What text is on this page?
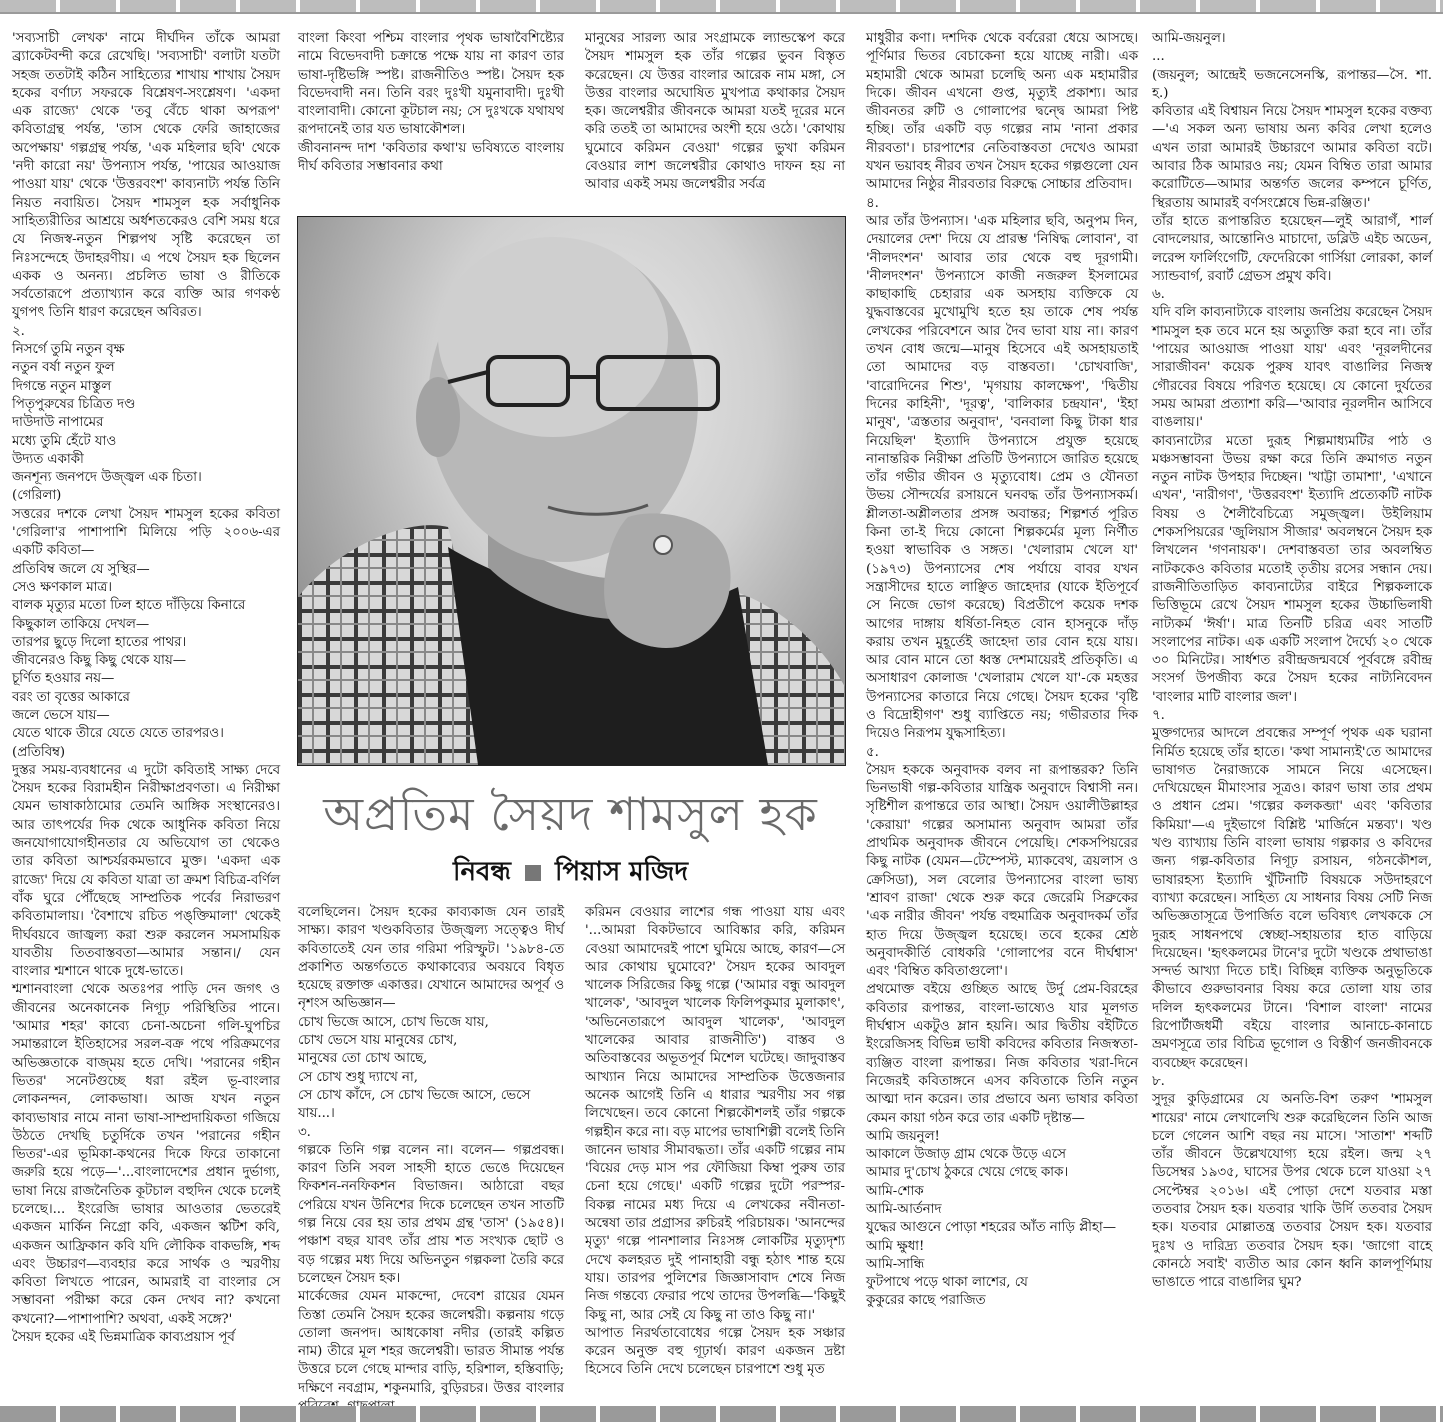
'সব্যসাচী লেখক' নামে দীর্ঘদিন তাঁকে আমরা ব্র্যাকেটবন্দী করে রেখেছি। 'সব্যসাচী' বলাটা যতটা সহজ ততটাই কঠিন সাহিত্যের শাখায় শাখায় সৈয়দ হকের বর্ণাঢ্য সফরকে বিশ্লেষণ-সংশ্লেষণ। 'একদা এক রাজ্যে' থেকে 'তবু বেঁচে থাকা অপরূপ' কবিতাগ্রন্থ পর্যন্ত, 'তাস থেকে ফেরি জাহাজের অপেক্ষায়' গল্পগ্রন্থ পর্যন্ত, 'এক মহিলার ছবি' থেকে 'নদী কারো নয়' উপন্যাস পর্যন্ত, 'পায়ের আওয়াজ পাওয়া যায়' থেকে 'উত্তরবংশ' কাব্যনাট্য পর্যন্ত তিনি নিয়ত নবায়িত। সৈয়দ শামসুল হক সর্বাধুনিক সাহিত্যরীতির আশ্রয়ে অর্ধশতকেরও বেশি সময় ধরে যে নিজস্ব-নতুন শিল্পপথ সৃষ্টি করেছেন তা নিঃসন্দেহে উদাহরণীয়। এ পথে সৈয়দ হক ছিলেন একক ও অনন্য। প্রচলিত ভাষা ও রীতিকে সর্বতোরূপে প্রত্যাখ্যান করে ব্যক্তি আর গণকণ্ঠ যুগপৎ তিনি ধারণ করেছেন অবিরত।

২.

নিসর্গে তুমি নতুন বৃক্ষ

নতুন বর্ষা নতুন ফুল

দিগন্তে নতুন মাস্তুল

পিতৃপুরুষের চিত্রিত দণ্ড

দাউদাউ নাপামের

মধ্যে তুমি হেঁটে যাও

উদ্যত একাকী

জনশূন্য জনপদে উজ্জ্বল এক চিতা।

(গেরিলা)

সত্তরের দশকে লেখা সৈয়দ শামসুল হকের কবিতা 'গেরিলা'র পাশাপাশি মিলিয়ে পড়ি ২০০৬-এর একটি কবিতা—

প্রতিবিম্ব জলে যে সুস্থির—

সেও ক্ষণকাল মাত্র।

বালক মৃত্যুর মতো ঢিল হাতে দাঁড়িয়ে কিনারে

কিছুকাল তাকিয়ে দেখল—

তারপর ছুড়ে দিলো হাতের পাথর।

জীবনেরও কিছু কিছু থেকে যায়—

চূর্ণিত হওয়ার নয়—

বরং তা বৃত্তের আকারে

জলে ভেসে যায়—

যেতে থাকে তীরে যেতে যেতে তারপরও।

(প্রতিবিম্ব)

দুস্তর সময়-ব্যবধানের এ দুটো কবিতাই সাক্ষ্য দেবে সৈয়দ হকের বিরামহীন নিরীক্ষাপ্রবণতা। এ নিরীক্ষা যেমন ভাষাকাঠামোর তেমনি আঙ্গিক সংস্থানেরও। আর তাৎপর্যের দিক থেকে আধুনিক কবিতা নিয়ে জনযোগাযোগহীনতার যে অভিযোগ তা থেকেও তার কবিতা আশ্চর্যরকমভাবে মুক্ত। 'একদা এক রাজ্যে' দিয়ে যে কবিতা যাত্রা তা ক্রমশ বিচিত্র-বর্ণিল বাঁক ঘুরে পৌঁছেছে সাম্প্রতিক পর্বের নিরাভরণ কবিতামালায়। 'বৈশাখে রচিত পঙ্‌ক্তিমালা' থেকেই দীর্ঘবয়বে জাজ্বল্য করা শুরু করলেন সমসাময়িক যাবতীয় তিতবাস্তবতা—আমার সন্তান।/ যেন বাংলার শ্মশানে থাকে দুধে-ভাতে।

শ্মশানবাংলা থেকে অতঃপর পাড়ি দেন জগৎ ও জীবনের অনেকানেক নিগূঢ় পরিস্থিতির পানে। 'আমার শহর' কাব্যে চেনা-অচেনা গলি-ঘুপচির সমান্তরালে ইতিহাসের সরল-বক্র পথে পরিক্রমণের অভিজ্ঞতাকে বাজ্ময় হতে দেখি। 'পরানের গহীন ভিতর' সনেটগুচ্ছে ধরা রইল ভূ-বাংলার লোকনন্দন, লোকভাষা। আজ যখন নতুন কাব্যভাষার নামে নানা ভাষা-সাম্প্রদায়িকতা গজিয়ে উঠতে দেখছি চতুর্দিকে তখন 'পরানের গহীন ভিতর'-এর ভূমিকা-কথনের দিকে ফিরে তাকানো জরুরি হয়ে পড়ে—'...বাংলাদেশের প্রধান দুর্ভাগ্য, ভাষা নিয়ে রাজনৈতিক কূটচাল বহুদিন থেকে চলেই চলেছে।... ইংরেজি ভাষার আওতার ভেতরেই একজন মার্কিন নিগ্রো কবি, একজন স্কটিশ কবি, একজন আফ্রিকান কবি যদি লৌকিক বাকভঙ্গি, শব্দ এবং উচ্চারণ—ব্যবহার করে সার্থক ও স্মরণীয় কবিতা লিখতে পারেন, আমরাই বা বাংলার সে সম্ভাবনা পরীক্ষা করে কেন দেখব না? কখনো কখনো?—পাশাপাশি? অথবা, একই সঙ্গে?'

সৈয়দ হকের এই ভিন্নমাত্রিক কাব্যপ্রয়াস পূর্ব

বাংলা কিংবা পশ্চিম বাংলার পৃথক ভাষাবৈশিষ্ট্যের নামে বিভেদবাদী চক্রান্তে পক্ষে যায় না কারণ তার ভাষা-দৃষ্টিভঙ্গি স্পষ্ট। রাজনীতিও স্পষ্ট। সৈয়দ হক বিভেদবাদী নন। তিনি বরং দুঃখী যমুনাবাদী। দুঃখী বাংলাবাদী। কোনো কূটচাল নয়; সে দুঃখকে যথাযথ রূপদানেই তার যত ভাষাকৌশল।

জীবনানন্দ দাশ 'কবিতার কথা'য় ভবিষ্যতে বাংলায় দীর্ঘ কবিতার সম্ভাবনার কথা

মানুষের সারল্য আর সংগ্রামকে ল্যান্ডস্কেপ করে সৈয়দ শামসুল হক তাঁর গল্পের ভুবন বিস্তৃত করেছেন। যে উত্তর বাংলার আরেক নাম মঙ্গা, সে উত্তর বাংলার অঘোষিত মুখপাত্র কথাকার সৈয়দ হক। জলেশ্বরীর জীবনকে আমরা যতই দূরের মনে করি ততই তা আমাদের অংশী হয়ে ওঠে। 'কোথায় ঘুমোবে করিমন বেওয়া' গল্পের ভুখা করিমন বেওয়ার লাশ জলেশ্বরীর কোথাও দাফন হয় না আবার একই সময় জলেশ্বরীর সর্বত্র

মাধুরীর কণা। দশদিক থেকে বর্বরেরা ধেয়ে আসছে। পূর্ণিমার ভিতর বেচাকেনা হয়ে যাচ্ছে নারী। এক মহামারী থেকে আমরা চলেছি অন্য এক মহামারীর দিকে। জীবন এখনো গুপ্ত, মৃত্যুই প্রকাশ্য। আর জীবনতর রুটি ও গোলাপের দ্বন্দ্বে আমরা পিষ্ট হচ্ছি। তাঁর একটি বড় গল্পের নাম 'নানা প্রকার নীরবতা'। চারপাশের নেতিবাস্তবতা দেখেও আমরা যখন ভয়াবহ নীরব তখন সৈয়দ হকের গল্পগুলো যেন আমাদের নিষ্ঠুর নীরবতার বিরুদ্ধে সোচ্চার প্রতিবাদ।

৪.

আর তাঁর উপন্যাস। 'এক মহিলার ছবি, অনুপম দিন, দেয়ালের দেশ' দিয়ে যে প্রারম্ভ 'নিষিদ্ধ লোবান', বা 'নীলদংশন' আবার তার থেকে বহু দূরগামী। 'নীলদংশন' উপন্যাসে কাজী নজরুল ইসলামের কাছাকাছি চেহারার এক অসহায় ব্যক্তিকে যে যুদ্ধবাস্তবের মুখোমুখি হতে হয় তাকে শেষ পর্যন্ত লেখকের পরিবেশনে আর দৈব ভাবা যায় না। কারণ তখন বোধ জন্মে—মানুষ হিসেবে এই অসহায়তাই তো আমাদের বড় বাস্তবতা। 'চোখবাজি', 'বারোদিনের শিশু', 'মৃগয়ায় কালক্ষেপ', 'দ্বিতীয় দিনের কাহিনী', 'দূরত্ব', 'বালিকার চন্দ্রযান', 'ইহা মানুষ', 'ত্রস্ততার অনুবাদ', 'বনবালা কিছু টাকা ধার নিয়েছিল' ইত্যাদি উপন্যাসে প্রযুক্ত হয়েছে নানান্তরিক নিরীক্ষা প্রতিটি উপন্যাসে জারিত হয়েছে তাঁর গভীর জীবন ও মৃত্যুবোধ। প্রেম ও যৌনতা উভয় সৌন্দর্যের রসায়নে ঘনবদ্ধ তাঁর উপন্যাসকর্ম। শ্লীলতা-অশ্লীলতার প্রসঙ্গ অবান্তর; শিল্পশর্ত পূরিত কিনা তা-ই দিয়ে কোনো শিল্পকর্মের মূল্য নির্ণীত হওয়া স্বাভাবিক ও সঙ্গত। 'খেলারাম খেলে যা' (১৯৭৩) উপন্যাসের শেষ পর্যায়ে বাবর যখন সন্ত্রাসীদের হাতে লাঞ্ছিত জাহেদার (যাকে ইতিপূর্বে সে নিজে ভোগ করেছে) বিপ্রতীপে কয়েক দশক আগের দাঙ্গায় ধর্ষিতা-নিহত বোন হাসনুকে দাঁড় করায় তখন মুহূর্তেই জাহেদা তার বোন হয়ে যায়। আর বোন মানে তো ধ্বস্ত দেশমায়েরই প্রতিকৃতি। এ অসাধারণ কোলাজ 'খেলারাম খেলে যা'-কে মহত্তর উপন্যাসের কাতারে নিয়ে গেছে। সৈয়দ হকের 'বৃষ্টি ও বিদ্রোহীগণ' শুধু ব্যাপ্তিতে নয়; গভীরতার দিক দিয়েও নিরূপম যুদ্ধসাহিত্য।

৫.

সৈয়দ হককে অনুবাদক বলব না রূপান্তরক? তিনি ভিনভাষী গল্প-কবিতার যান্ত্রিক অনুবাদে বিশ্বাসী নন। সৃষ্টিশীল রূপান্তরে তার আস্থা। সৈয়দ ওয়ালীউল্লাহর 'কেরায়া' গল্পের অসামান্য অনুবাদ আমরা তাঁর প্রাথমিক অনুবাদক জীবনে পেয়েছি। শেকসপিয়রের কিছু নাটক (যেমন—টেম্পেস্ট, ম্যাকবেথ, ত্রয়লাস ও ক্রেসিডা), সল বেলোর উপন্যাসের বাংলা ভাষ্য 'শ্রাবণ রাজা' থেকে শুরু করে জেরেমি সিব্রুকের 'এক নারীর জীবন' পর্যন্ত বহুমাত্রিক অনুবাদকর্ম তাঁর হাত দিয়ে উজ্জ্বল হয়েছে। তবে হকের শ্রেষ্ঠ অনুবাদকীর্তি বোধকরি 'গোলাপের বনে দীর্ঘশ্বাস' এবং 'বিম্বিত কবিতাগুলো'।

প্রথমোক্ত বইয়ে গুচ্ছিত আছে উর্দু প্রেম-বিরহের কবিতার রূপান্তর, বাংলা-ভাষ্যেও যার মূলগত দীর্ঘশ্বাস একটুও ম্লান হয়নি। আর দ্বিতীয় বইটিতে ইংরেজিসহ বিভিন্ন ভাষী কবিদের কবিতার নিজস্বতা-ব্যঞ্জিত বাংলা রূপান্তর। নিজ কবিতার খরা-দিনে নিজেরই কবিতাঙ্গনে এসব কবিতাকে তিনি নতুন আত্মা দান করেন। তার প্রভাবে অন্য ভাষার কবিতা কেমন কায়া গঠন করে তার একটি দৃষ্টান্ত—

আমি জয়নুল!

আকালে উজাড় গ্রাম থেকে উড়ে এসে

আমার দু'চোখ ঠুকরে খেয়ে গেছে কাক।

আমি-শোক

আমি-আর্তনাদ

যুদ্ধের আগুনে পোড়া শহরের আঁত নাড়ি প্লীহা—

আমি ক্ষুধা!

আমি-সান্ধি

ফুটপাথে পড়ে থাকা লাশের, যে

কুকুরের কাছে পরাজিত

আমি-জয়নুল।

...

(জয়নুল; আন্দ্রেই ভজনেসেনস্কি, রূপান্তর—সৈ. শা. হ.)

কবিতার এই বিশ্বায়ন নিয়ে সৈয়দ শামসুল হকের বক্তব্য—'এ সকল অন্য ভাষায় অন্য কবির লেখা হলেও এখন তারা আমারই উচ্চারণে আমার কবিতা বটে। আবার ঠিক আমারও নয়; যেমন বিম্বিত তারা আমার করোটিতে—আমার অন্তর্গত জলের কম্পনে চূর্ণিত, স্থিরতায় আমারই বর্ণসংশ্লেষে ভিন্ন-রঞ্জিত।'

তাঁর হাতে রূপান্তরিত হয়েছেন—লুই আরাগঁ, শার্ল বোদলেয়ার, আন্তোনিও মাচাদো, ডব্লিউ এইচ অডেন, লরেন্স ফার্লিংগেটি, ফেদেরিকো গার্সিয়া লোরকা, কার্ল স্যান্ডবার্গ, রবার্ট গ্রেভস প্রমুখ কবি।

৬.

যদি বলি কাব্যনাট্যকে বাংলায় জনপ্রিয় করেছেন সৈয়দ শামসুল হক তবে মনে হয় অত্যুক্তি করা হবে না। তাঁর 'পায়ের আওয়াজ পাওয়া যায়' এবং 'নূরলদীনের সারাজীবন' কয়েক পুরুষ যাবৎ বাঙালির নিজস্ব গৌরবের বিষয়ে পরিণত হয়েছে। যে কোনো দুর্যতের সময় আমরা প্রত্যাশা করি—'আবার নূরলদীন আসিবে বাঙলায়।'

কাব্যনাট্যের মতো দুরূহ শিল্পমাধ্যমটির পাঠ ও মঞ্চসম্ভাবনা উভয় রক্ষা করে তিনি ক্রমাগত নতুন নতুন নাটক উপহার দিচ্ছেন। 'খাট্টা তামাশা', 'এখানে এখন', 'নারীগণ', 'উত্তরবংশ' ইত্যাদি প্রত্যেকটি নাটক বিষয় ও শৈলীবৈচিত্র্যে সমুজ্জ্বল। উইলিয়াম শেকসপিয়রের 'জুলিয়াস সীজার' অবলম্বনে সৈয়দ হক লিখলেন 'গণনায়ক'। দেশবাস্তবতা তার অবলম্বিত নাটককেও কবিতার মতোই তৃতীয় রসের সন্ধান দেয়। রাজনীতিতাড়িত কাব্যনাট্যের বাইরে শিল্পকলাকে ভিত্তিভূমে রেখে সৈয়দ শামসুল হকের উচ্চাভিলাষী নাট্যকর্ম 'ঈর্ষা'। মাত্র তিনটি চরিত্র এবং সাতটি সংলাপের নাটক। এক একটি সংলাপ দৈর্ঘ্যে ২০ থেকে ৩০ মিনিটের। সার্ধশত রবীন্দ্রজন্মবর্ষে পূর্ববঙ্গে রবীন্দ্র সংসর্গ উপজীব্য করে সৈয়দ হকের নাট্যনিবেদন 'বাংলার মাটি বাংলার জল'।

৭.

মুক্তগদ্যের আদলে প্রবন্ধের সম্পূর্ণ পৃথক এক ঘরানা নির্মিত হয়েছে তাঁর হাতে। 'কথা সামান্যই'তে আমাদের ভাষাগত নৈরাজ্যকে সামনে নিয়ে এসেছেন। দেখিয়েছেন মীমাংসার সূত্রও। কারণ ভাষা তার প্রথম ও প্রধান প্রেম। 'গল্পের কলকব্জা' এবং 'কবিতার কিমিয়া'—এ দুইভাগে বিশ্লিষ্ট 'মার্জিনে মন্তব্য'। খণ্ড খণ্ড ব্যাখ্যায় তিনি বাংলা ভাষায় গল্পকার ও কবিদের জন্য গল্প-কবিতার নিগূঢ় রসায়ন, গঠনকৌশল, ভাষারহস্য ইত্যাদি খুঁটিনাটি বিষয়কে সউদাহরণে ব্যাখ্যা করেছেন। সাহিত্য যে সাধনার বিষয় সেটি নিজ অভিজ্ঞতাসূত্রে উপার্জিত বলে ভবিষ্যৎ লেখককে সে দুরূহ সাধনপথে স্বেচ্ছা-সহায়তার হাত বাড়িয়ে দিয়েছেন। 'হৃৎকলমের টানে'র দুটো খণ্ডকে প্রথাভাঙা সন্দর্ভ আখ্যা দিতে চাই। বিচ্ছিন্ন ব্যক্তিক অনুভূতিকে কীভাবে গুরুভাবনার বিষয় করে তোলা যায় তার দলিল হৃৎকলমের টানে। 'বিশাল বাংলা' নামের রিপোর্টাজধর্মী বইয়ে বাংলার আনাচে-কানাচে ভ্রমণসূত্রে তার বিচিত্র ভূগোল ও বিস্তীর্ণ জনজীবনকে ব্যবচ্ছেদ করেছেন।

৮.

সুদূর কুড়িগ্রামের যে অনতি-বিশ তরুণ 'শামসুল শায়ের' নামে লেখালেখি শুরু করেছিলেন তিনি আজ চলে গেলেন আশি বছর নয় মাসে। 'সাতাশ' শব্দটি তাঁর জীবনে উল্লেখযোগ্য হয়ে রইল। জন্ম ২৭ ডিসেম্বর ১৯৩৫, ঘাসের উপর থেকে চলে যাওয়া ২৭ সেপ্টেম্বর ২০১৬। এই পোড়া দেশে যতবার মস্তা ততবার সৈয়দ হক। যতবার খাকি উর্দি ততবার সৈয়দ হক। যতবার মোল্লাতন্ত্র ততবার সৈয়দ হক। যতবার দুঃখ ও দারিদ্র্য ততবার সৈয়দ হক। 'জাগো বাহে কোনঠে সবাই' ব্যতীত আর কোন ধ্বনি কালপূর্ণিমায় ভাঙাতে পারে বাঙালির ঘুম?

অপ্রতিম সৈয়দ শামসুল হক
নিবন্ধ পিয়াস মজিদ

বলেছিলেন। সৈয়দ হকের কাব্যকাজ যেন তারই সাক্ষ্য। কারণ খণ্ডকবিতার উজ্জ্বল্য সত্ত্বেও দীর্ঘ কবিতাতেই যেন তার গরিমা পরিস্ফুট। '১৯৮৪-তে প্রকাশিত অন্তর্গততে কথাকাব্যের অবয়বে বিধৃত হয়েছে রক্তাক্ত একাত্তর। যেখানে আমাদের অপূর্ব ও নৃশংস অভিজ্ঞান—

চোখ ভিজে আসে, চোখ ভিজে যায়,

চোখ ভেসে যায় মানুষের চোখ,

মানুষের তো চোখ আছে,

সে চোখ শুধু দ্যাখে না,

সে চোখ কাঁদে, সে চোখ ভিজে আসে, ভেসে যায়...।

৩.

গল্পকে তিনি গল্প বলেন না। বলেন— গল্পপ্রবন্ধ। কারণ তিনি সবল সাহসী হাতে ভেঙে দিয়েছেন ফিকশন-ননফিকশন বিভাজন। আঠারো বছর পেরিয়ে যখন উনিশের দিকে চলেছেন তখন সাতটি গল্প নিয়ে বের হয় তার প্রথম গ্রন্থ 'তাস' (১৯৫৪)। পঞ্চাশ বছর যাবৎ তাঁর প্রায় শত সংখ্যক ছোট ও বড় গল্পের মধ্য দিয়ে অভিনতুন গল্পকলা তৈরি করে চলেছেন সৈয়দ হক।

মার্কেজের যেমন মাকন্দো, দেবেশ রায়ের যেমন তিস্তা তেমনি সৈয়দ হকের জলেশ্বরী। কল্পনায় গড়ে তোলা জনপদ। আধকোষা নদীর (তারই কল্পিত নাম) তীরে মূল শহর জলেশ্বরী। ভারত সীমান্ত পর্যন্ত উত্তরে চলে গেছে মান্দার বাড়ি, হরিশাল, হস্তিবাড়ি; দক্ষিণে নবগ্রাম, শকুনমারি, বুড়িরচর। উত্তর বাংলার

করিমন বেওয়ার লাশের গন্ধ পাওয়া যায় এবং '...আমরা বিকটভাবে আবিষ্কার করি, করিমন বেওয়া আমাদেরই পাশে ঘুমিয়ে আছে, কারণ—সে আর কোথায় ঘুমোবে?' সৈয়দ হকের আবদুল খালেক সিরিজের কিছু গল্পে ('আমার বন্ধু আবদুল খালেক', 'আবদুল খালেক ফিলিপকুমার মুলাকাৎ', 'অভিনেতারূপে আবদুল খালেক', 'আবদুল খালেকের আবার রাজনীতি') বাস্তব ও অতিবাস্তবের অভূতপূর্ব মিশেল ঘটেছে। জাদুবাস্তব আখ্যান নিয়ে আমাদের সাম্প্রতিক উত্তেজনার অনেক আগেই তিনি এ ধারার স্মরণীয় সব গল্প লিখেছেন। তবে কোনো শিল্পকৌশলই তাঁর গল্পকে গল্পহীন করে না। বড় মাপের ভাষাশিল্পী বলেই তিনি জানেন ভাষার সীমাবদ্ধতা। তাঁর একটি গল্পের নাম 'বিয়ের দেড় মাস পর ফৌজিয়া কিম্বা পুরুষ তার চেনা হয়ে গেছে।' একটি গল্পের দুটো পরস্পর-বিকল্প নামের মধ্য দিয়ে এ লেখকের নবীনতা-অন্বেষা তার প্রগ্রাসর রুচিরই পরিচায়ক। 'আনন্দের মৃত্যু' গল্পে পানশালার নিঃসঙ্গ লোকটির মৃত্যুদৃশ্য দেখে কলহরত দুই পানাহারী বন্ধু হঠাৎ শান্ত হয়ে যায়। তারপর পুলিশের জিজ্ঞাসাবাদ শেষে নিজ নিজ গন্তব্যে ফেরার পথে তাদের উপলব্ধি—'কিছুই কিছু না, আর সেই যে কিছু না তাও কিছু না।'

আপাত নিরর্থতাবোধের গল্পে সৈয়দ হক সঞ্চার করেন অনুক্ত বহু গূঢ়ার্থ। কারণ একজন দ্রষ্টা হিসেবে তিনি দেখে চলেছেন চারপাশে শুধু মৃত
